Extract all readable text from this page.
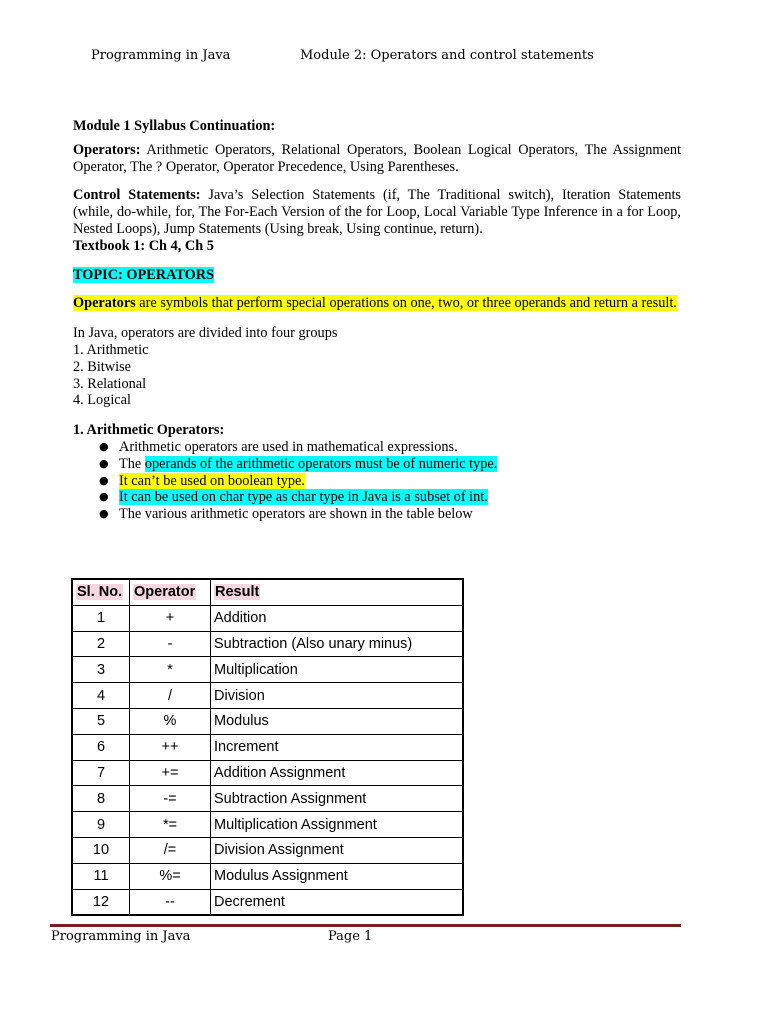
Programming in Java	Module 2: Operators and control statements

Module 1 Syllabus Continuation:

Operators: Arithmetic Operators, Relational Operators, Boolean Logical Operators, The Assignment Operator, The ? Operator, Operator Precedence, Using Parentheses.

Control Statements: Java’s Selection Statements (if, The Traditional switch), Iteration Statements (while, do-while, for, The For-Each Version of the for Loop, Local Variable Type Inference in a for Loop, Nested Loops), Jump Statements (Using break, Using continue, return).

Textbook 1: Ch 4, Ch 5

TOPIC: OPERATORS

Operators are symbols that perform special operations on one, two, or three operands and return a result.

In Java, operators are divided into four groups

1. Arithmetic

2. Bitwise

3. Relational

4. Logical

1. Arithmetic Operators:

● Arithmetic operators are used in mathematical expressions.
● The operands of the arithmetic operators must be of numeric type.
● It can’t be used on boolean type.
● It can be used on char type as char type in Java is a subset of int.
● The various arithmetic operators are shown in the table below
Sl. No.	Operator	Result
1	+	Addition
2	-	Subtraction (Also unary minus)
3	*	Multiplication
4	/	Division
5	%	Modulus
6	++	Increment
7	+=	Addition Assignment
8	-=	Subtraction Assignment
9	*=	Multiplication Assignment
10	/=	Division Assignment
11	%=	Modulus Assignment
12	--	Decrement
Programming in Java	Page 1
